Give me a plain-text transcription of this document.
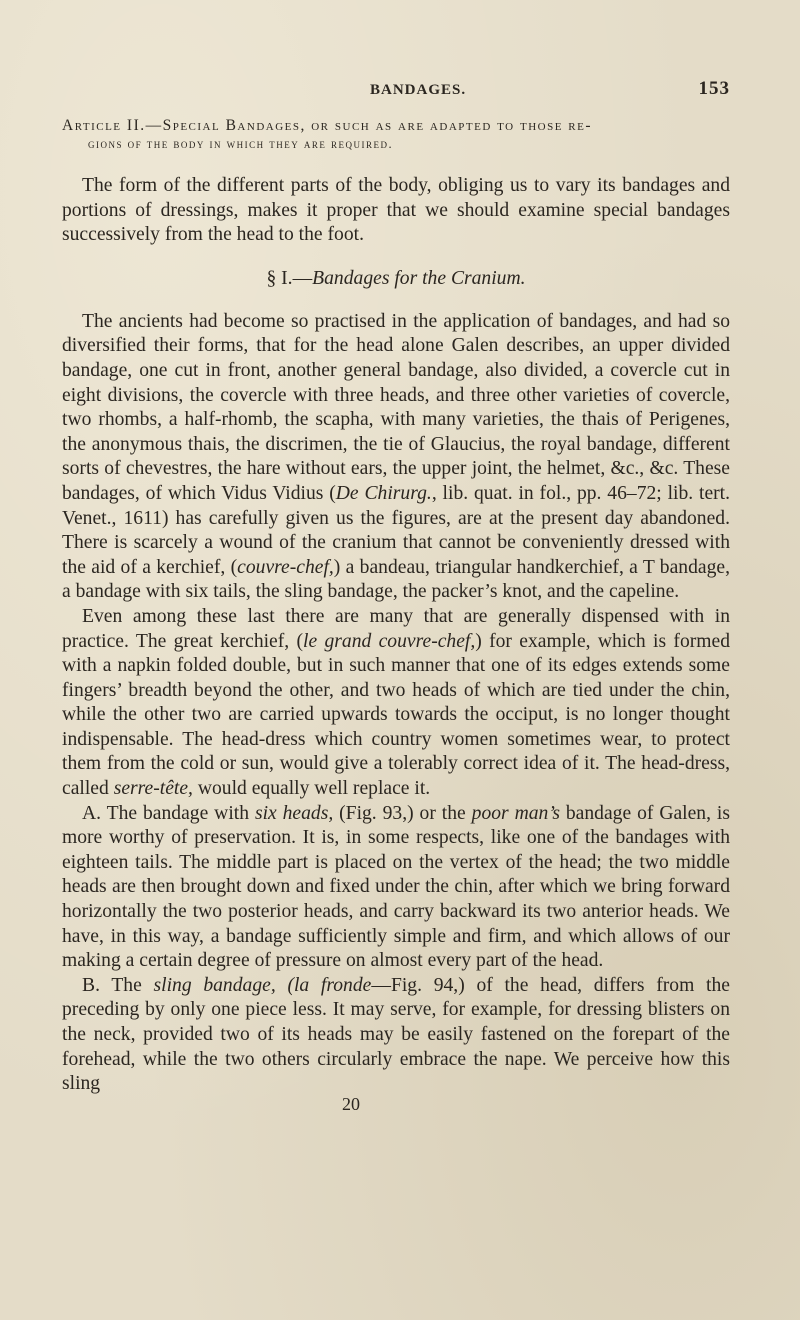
BANDAGES.	153
Article II.—Special Bandages, or such as are adapted to those re-
gions of the body in which they are required.

The form of the different parts of the body, obliging us to vary its bandages and portions of dressings, makes it proper that we should examine special bandages successively from the head to the foot.

§ I.—Bandages for the Cranium.

The ancients had become so practised in the application of bandages, and had so diversified their forms, that for the head alone Galen describes, an upper divided bandage, one cut in front, another general bandage, also divided, a covercle cut in eight divisions, the covercle with three heads, and three other varieties of covercle, two rhombs, a half-rhomb, the scapha, with many varieties, the thais of Perigenes, the anonymous thais, the discrimen, the tie of Glaucius, the royal bandage, different sorts of chevestres, the hare without ears, the upper joint, the helmet, &c., &c. These bandages, of which Vidus Vidius (De Chirurg., lib. quat. in fol., pp. 46–72; lib. tert. Venet., 1611) has carefully given us the figures, are at the present day abandoned. There is scarcely a wound of the cranium that cannot be conveniently dressed with the aid of a kerchief, (couvre-chef,) a bandeau, triangular handkerchief, a T bandage, a bandage with six tails, the sling bandage, the packer’s knot, and the capeline.

Even among these last there are many that are generally dispensed with in practice. The great kerchief, (le grand couvre-chef,) for example, which is formed with a napkin folded double, but in such manner that one of its edges extends some fingers’ breadth beyond the other, and two heads of which are tied under the chin, while the other two are carried upwards towards the occiput, is no longer thought indispensable. The head-dress which country women sometimes wear, to protect them from the cold or sun, would give a tolerably correct idea of it. The head-dress, called serre-tête, would equally well replace it.

A. The bandage with six heads, (Fig. 93,) or the poor man’s bandage of Galen, is more worthy of preservation. It is, in some respects, like one of the bandages with eighteen tails. The middle part is placed on the vertex of the head; the two middle heads are then brought down and fixed under the chin, after which we bring forward horizontally the two posterior heads, and carry backward its two anterior heads. We have, in this way, a bandage sufficiently simple and firm, and which allows of our making a certain degree of pressure on almost every part of the head.

B. The sling bandage, (la fronde—Fig. 94,) of the head, differs from the preceding by only one piece less. It may serve, for example, for dressing blisters on the neck, provided two of its heads may be easily fastened on the forepart of the forehead, while the two others circularly embrace the nape. We perceive how this sling

20
